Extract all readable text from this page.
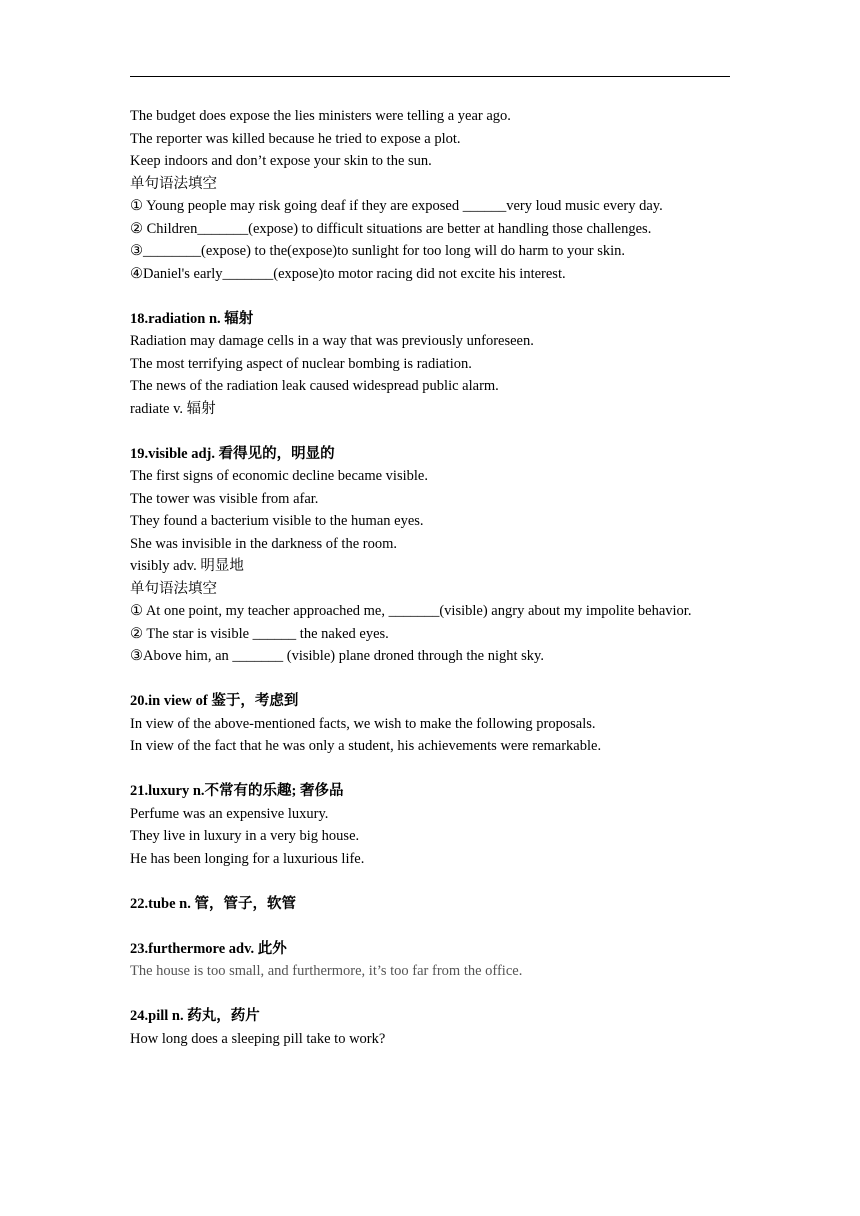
The budget does expose the lies ministers were telling a year ago.
The reporter was killed because he tried to expose a plot.
Keep indoors and don’t expose your skin to the sun.
单句语法填空
① Young people may risk going deaf if they are exposed ______very loud music every day.
② Children_______(expose) to difficult situations are better at handling those challenges.
③________(expose) to the(expose)to sunlight for too long will do harm to your skin.
④Daniel's early_______(expose)to motor racing did not excite his interest.
18.radiation n. 辐射
Radiation may damage cells in a way that was previously unforeseen.
The most terrifying aspect of nuclear bombing is radiation.
The news of the radiation leak caused widespread public alarm.
radiate v. 辐射
19.visible adj. 看得见的，明显的
The first signs of economic decline became visible.
The tower was visible from afar.
They found a bacterium visible to the human eyes.
She was invisible in the darkness of the room.
visibly adv. 明显地
单句语法填空
① At one point, my teacher approached me, _______(visible) angry about my impolite behavior.
② The star is visible ______ the naked eyes.
③Above him, an _______ (visible) plane droned through the night sky.
20.in view of 鉴于，考虑到
In view of the above-mentioned facts, we wish to make the following proposals.
In view of the fact that he was only a student, his achievements were remarkable.
21.luxury n.不常有的乐趣; 奢侈品
Perfume was an expensive luxury.
They live in luxury in a very big house.
He has been longing for a luxurious life.
22.tube n. 管，管子，软管
23.furthermore adv. 此外
The house is too small, and furthermore, it’s too far from the office.
24.pill n. 药丸，药片
How long does a sleeping pill take to work?
